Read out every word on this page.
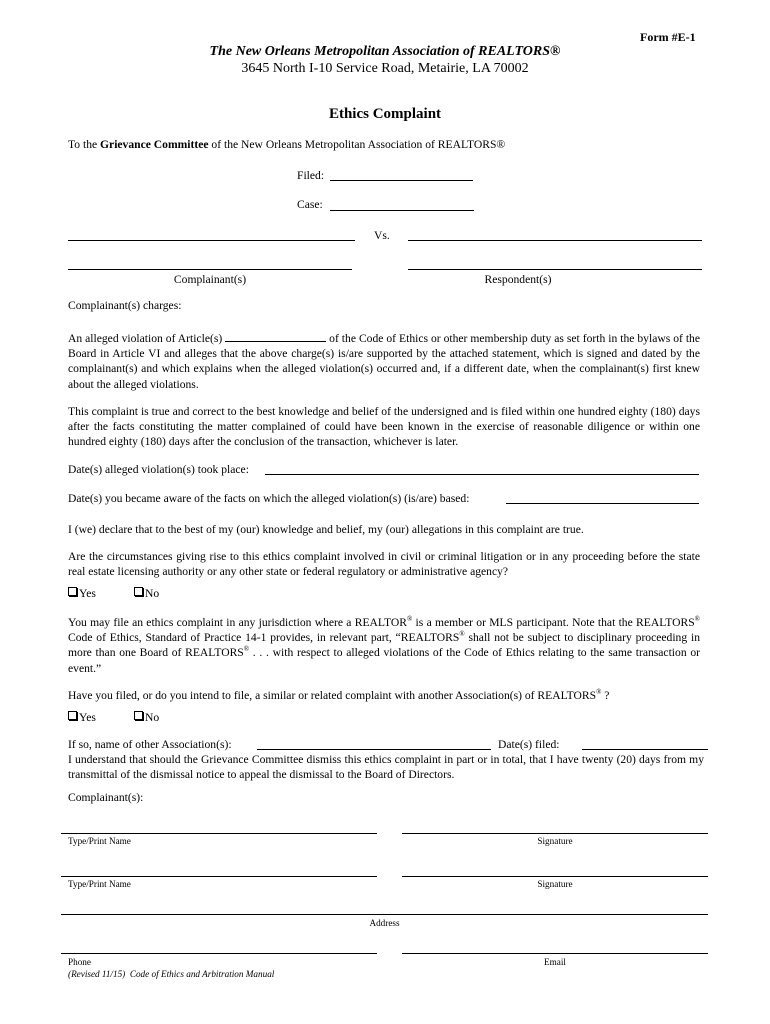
Form #E-1
The New Orleans Metropolitan Association of REALTORS®
3645 North I-10 Service Road, Metairie, LA 70002
Ethics Complaint
To the Grievance Committee of the New Orleans Metropolitan Association of REALTORS®
Filed:
Case:
Vs.
Complainant(s)	Respondent(s)
Complainant(s) charges:
An alleged violation of Article(s)	of the Code of Ethics or other membership duty as set forth in the bylaws of the Board in Article VI and alleges that the above charge(s) is/are supported by the attached statement, which is signed and dated by the complainant(s) and which explains when the alleged violation(s) occurred and, if a different date, when the complainant(s) first knew about the alleged violations.
This complaint is true and correct to the best knowledge and belief of the undersigned and is filed within one hundred eighty (180) days after the facts constituting the matter complained of could have been known in the exercise of reasonable diligence or within one hundred eighty (180) days after the conclusion of the transaction, whichever is later.
Date(s) alleged violation(s) took place:
Date(s) you became aware of the facts on which the alleged violation(s) (is/are) based:
I (we) declare that to the best of my (our) knowledge and belief, my (our) allegations in this complaint are true.
Are the circumstances giving rise to this ethics complaint involved in civil or criminal litigation or in any proceeding before the state real estate licensing authority or any other state or federal regulatory or administrative agency?
Yes	No
You may file an ethics complaint in any jurisdiction where a REALTOR® is a member or MLS participant. Note that the REALTORS® Code of Ethics, Standard of Practice 14-1 provides, in relevant part, “REALTORS® shall not be subject to disciplinary proceeding in more than one Board of REALTORS® . . . with respect to alleged violations of the Code of Ethics relating to the same transaction or event.”
Have you filed, or do you intend to file, a similar or related complaint with another Association(s) of REALTORS® ?
Yes	No
If so, name of other Association(s):	Date(s) filed:
I understand that should the Grievance Committee dismiss this ethics complaint in part or in total, that I have twenty (20) days from my transmittal of the dismissal notice to appeal the dismissal to the Board of Directors.
Complainant(s):
Type/Print Name	Signature
Type/Print Name	Signature
Address
Phone	Email
(Revised 11/15)  Code of Ethics and Arbitration Manual
